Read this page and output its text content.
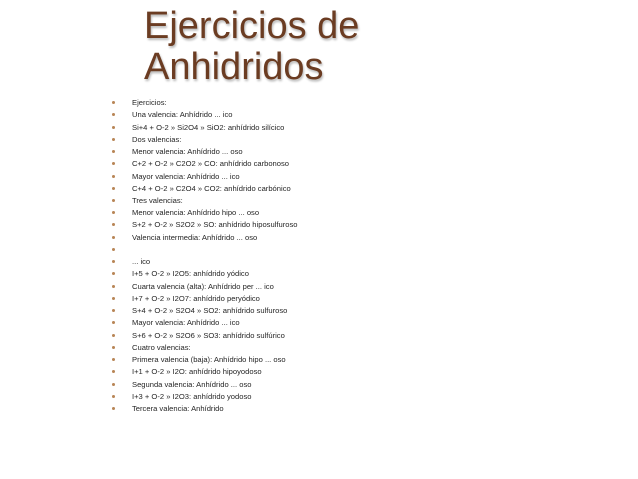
Ejercicios de
Anhidridos
Ejercicios:
Una valencia: Anhídrido ... ico
Si+4 + O-2 » Si2O4 » SiO2: anhídrido silícico
Dos valencias:
Menor valencia: Anhídrido ... oso
C+2 + O-2 » C2O2 » CO: anhídrido carbonoso
Mayor valencia: Anhídrido ... ico
C+4 + O-2 » C2O4 » CO2: anhídrido carbónico
Tres valencias:
Menor valencia: Anhídrido hipo ... oso
S+2 + O-2 » S2O2 » SO: anhídrido hiposulfuroso
Valencia intermedia: Anhídrido ... oso
... ico
I+5 + O-2 » I2O5: anhídrido yódico
Cuarta valencia (alta): Anhídrido per ... ico
I+7 + O-2 » I2O7: anhídrido peryódico
S+4 + O-2 » S2O4 » SO2: anhídrido sulfuroso
Mayor valencia: Anhídrido ... ico
S+6 + O-2 » S2O6 » SO3: anhídrido sulfúrico
Cuatro valencias:
Primera valencia (baja): Anhídrido hipo ... oso
I+1 + O-2 » I2O: anhídrido hipoyodoso
Segunda valencia: Anhídrido ... oso
I+3 + O-2 » I2O3: anhídrido yodoso
Tercera valencia: Anhídrido
